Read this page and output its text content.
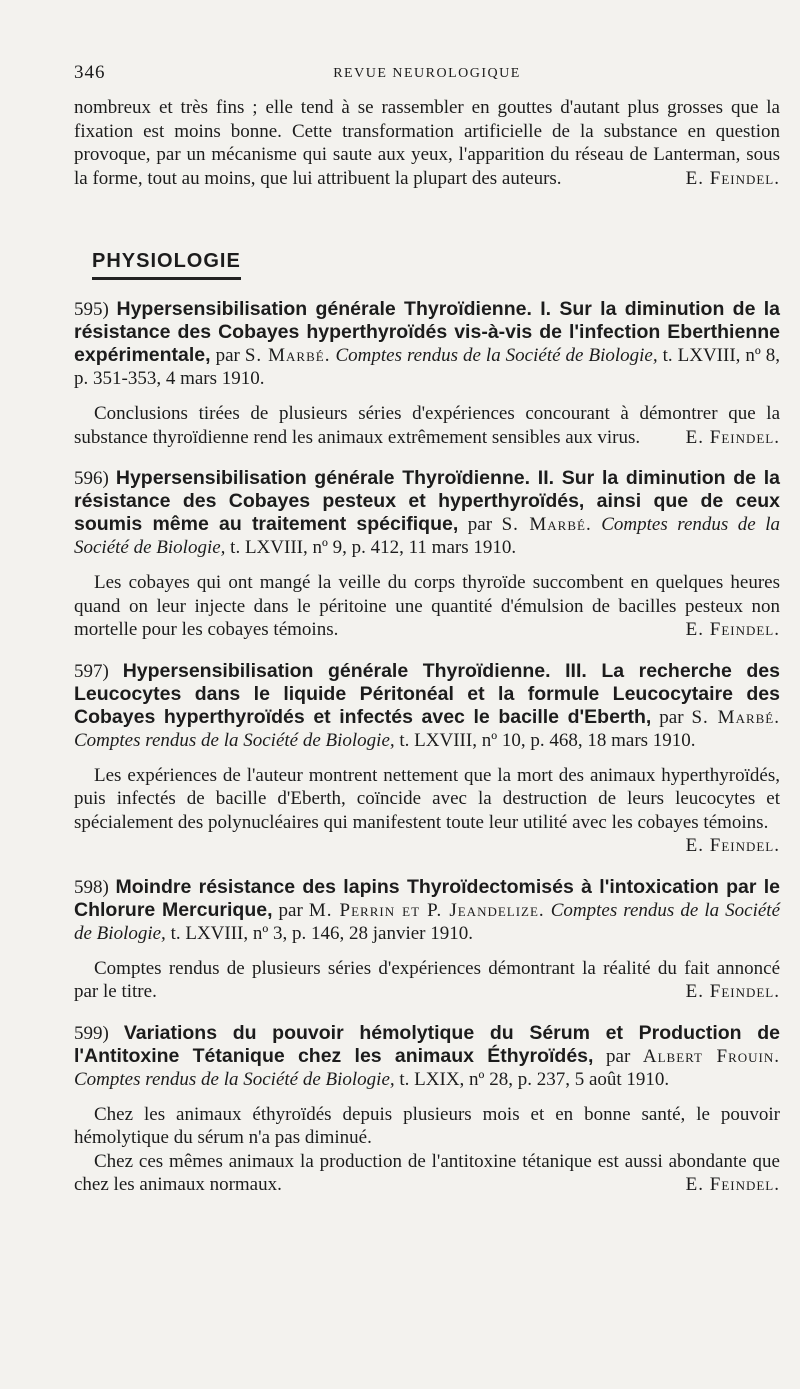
346	REVUE NEUROLOGIQUE

nombreux et très fins ; elle tend à se rassembler en gouttes d'autant plus grosses que la fixation est moins bonne. Cette transformation artificielle de la substance en question provoque, par un mécanisme qui saute aux yeux, l'apparition du réseau de Lanterman, sous la forme, tout au moins, que lui attribuent la plupart des auteurs.	E. Feindel.

PHYSIOLOGIE

595) Hypersensibilisation générale Thyroïdienne. I. Sur la diminution de la résistance des Cobayes hyperthyroïdés vis-à-vis de l'infection Eberthienne expérimentale, par S. Marbé. Comptes rendus de la Société de Biologie, t. LXVIII, nº 8, p. 351-353, 4 mars 1910.

Conclusions tirées de plusieurs séries d'expériences concourant à démontrer que la substance thyroïdienne rend les animaux extrêmement sensibles aux virus.	E. Feindel.

596) Hypersensibilisation générale Thyroïdienne. II. Sur la diminution de la résistance des Cobayes pesteux et hyperthyroïdés, ainsi que de ceux soumis même au traitement spécifique, par S. Marbé. Comptes rendus de la Société de Biologie, t. LXVIII, nº 9, p. 412, 11 mars 1910.

Les cobayes qui ont mangé la veille du corps thyroïde succombent en quelques heures quand on leur injecte dans le péritoine une quantité d'émulsion de bacilles pesteux non mortelle pour les cobayes témoins.	E. Feindel.

597) Hypersensibilisation générale Thyroïdienne. III. La recherche des Leucocytes dans le liquide Péritonéal et la formule Leucocytaire des Cobayes hyperthyroïdés et infectés avec le bacille d'Eberth, par S. Marbé. Comptes rendus de la Société de Biologie, t. LXVIII, nº 10, p. 468, 18 mars 1910.

Les expériences de l'auteur montrent nettement que la mort des animaux hyperthyroïdés, puis infectés de bacille d'Eberth, coïncide avec la destruction de leurs leucocytes et spécialement des polynucléaires qui manifestent toute leur utilité avec les cobayes témoins.
E. Feindel.

598) Moindre résistance des lapins Thyroïdectomisés à l'intoxication par le Chlorure Mercurique, par M. Perrin et P. Jeandelize. Comptes rendus de la Société de Biologie, t. LXVIII, nº 3, p. 146, 28 janvier 1910.

Comptes rendus de plusieurs séries d'expériences démontrant la réalité du fait annoncé par le titre.	E. Feindel.

599) Variations du pouvoir hémolytique du Sérum et Production de l'Antitoxine Tétanique chez les animaux Éthyroïdés, par Albert Frouin. Comptes rendus de la Société de Biologie, t. LXIX, nº 28, p. 237, 5 août 1910.

Chez les animaux éthyroïdés depuis plusieurs mois et en bonne santé, le pouvoir hémolytique du sérum n'a pas diminué.

Chez ces mêmes animaux la production de l'antitoxine tétanique est aussi abondante que chez les animaux normaux.	E. Feindel.
